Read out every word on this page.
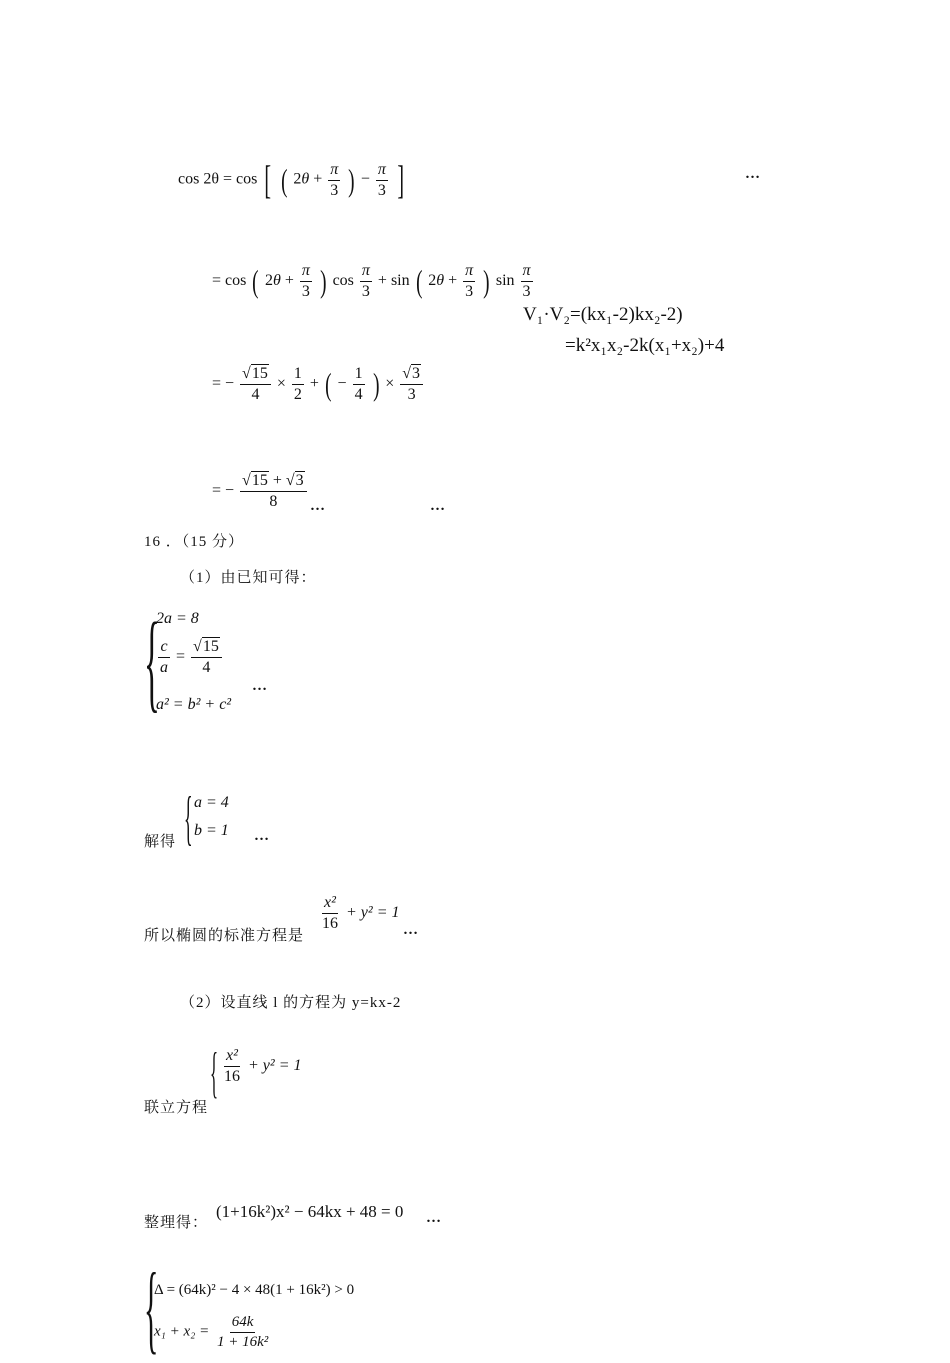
cos 2θ = cos [ ( $2\theta + \frac{\pi}{3}$ ) − $\frac{\pi}{3}$ ]	…
= cos ( $2\theta + \frac{\pi}{3}$ ) $\cos \frac{\pi}{3} + \sin$ ( $2\theta + \frac{\pi}{3}$ ) $\sin \frac{\pi}{3}$
V₁·V₂=(kx₁-2)kx₂-2)
=k²x₁x₂-2k(x₁+x₂)+4
= − $\frac{√15}{4} \times \frac{1}{2}$ + ( − $\frac{1}{4}$ ) × $\frac{√3}{3}$
= − $\frac{√15 + √3}{8}$ …	…
16 ．（15 分）
（1）由已知可得：
{
2a = 8
$\frac{c}{a} = \frac{√15}{4}$
a² = b² + c²
…
解得 { a = 4
b = 1 …
所以椭圆的标准方程是
$\frac{\text{x²}}{16} + y^2 = 1$
…
（2）设直线 l 的方程为 y=kx-2
联立方程
{ $\frac{\text{x²}}{16} + y^2 = 1$
整理得：
(1+16k²)x² − 64kx + 48 = 0 …
{
Δ = (64k)² − 4 × 48(1 + 16k²) > 0
$x_1 + x_2 = \frac{64k}{\text{1 + 16k²}}$
